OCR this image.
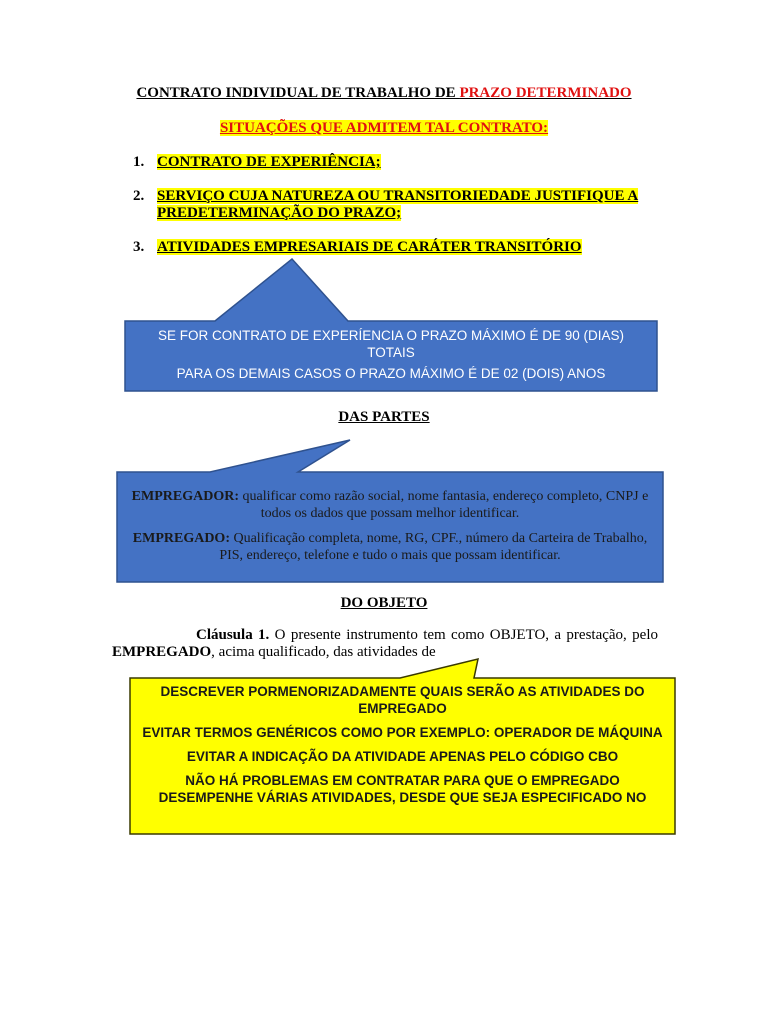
CONTRATO INDIVIDUAL DE TRABALHO DE PRAZO DETERMINADO
SITUAÇÕES QUE ADMITEM TAL CONTRATO:
1. CONTRATO DE EXPERIÊNCIA;
2. SERVIÇO CUJA NATUREZA OU TRANSITORIEDADE JUSTIFIQUE A PREDETERMINAÇÃO DO PRAZO;
3. ATIVIDADES EMPRESARIAIS DE CARÁTER TRANSITÓRIO

SE FOR CONTRATO DE EXPERÍENCIA O PRAZO MÁXIMO É DE 90 (DIAS) TOTAIS

PARA OS DEMAIS CASOS O PRAZO MÁXIMO É DE 02 (DOIS) ANOS

DAS PARTES

EMPREGADOR: qualificar como razão social, nome fantasia, endereço completo, CNPJ e todos os dados que possam melhor identificar.

EMPREGADO: Qualificação completa, nome, RG, CPF., número da Carteira de Trabalho, PIS, endereço, telefone e tudo o mais que possam identificar.

DO OBJETO

Cláusula 1. O presente instrumento tem como OBJETO, a prestação, pelo EMPREGADO, acima qualificado, das atividades de

DESCREVER PORMENORIZADAMENTE QUAIS SERÃO AS ATIVIDADES DO EMPREGADO

EVITAR TERMOS GENÉRICOS COMO POR EXEMPLO: OPERADOR DE MÁQUINA

EVITAR A INDICAÇÃO DA ATIVIDADE APENAS PELO CÓDIGO CBO

NÃO HÁ PROBLEMAS EM CONTRATAR PARA QUE O EMPREGADO DESEMPENHE VÁRIAS ATIVIDADES, DESDE QUE SEJA ESPECIFICADO NO
